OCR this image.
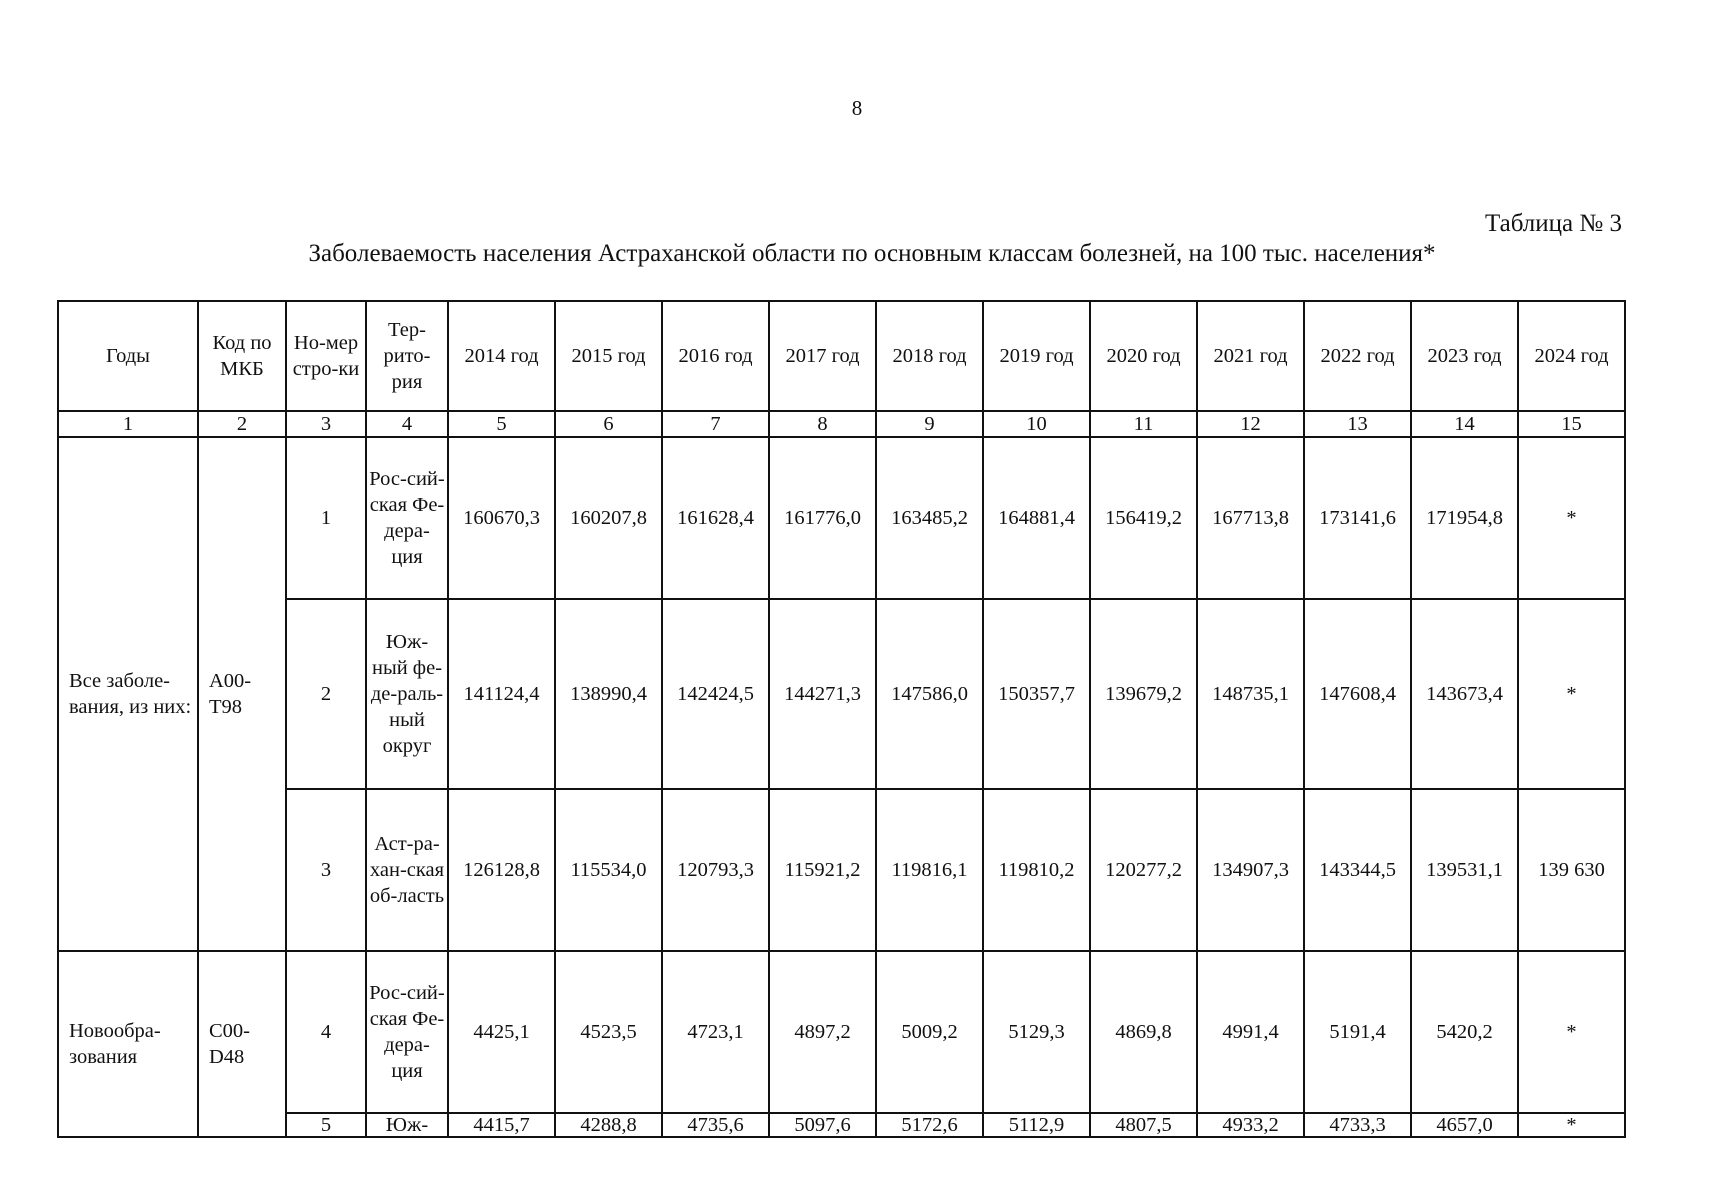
8
Таблица № 3
Заболеваемость населения Астраханской области по основным классам болезней, на 100 тыс. населения*
Годы	Код по МКБ	Но-мер стро-ки	Тер-рито-рия	2014 год	2015 год	2016 год	2017 год	2018 год	2019 год	2020 год	2021 год	2022 год	2023 год	2024 год
1	2	3	4	5	6	7	8	9	10	11	12	13	14	15
Все заболе-вания, из них:	А00-Т98	1	Рос-сий-ская Фе-дера-ция	160670,3	160207,8	161628,4	161776,0	163485,2	164881,4	156419,2	167713,8	173141,6	171954,8	*
		2	Юж-ный фе-де-раль-ный округ	141124,4	138990,4	142424,5	144271,3	147586,0	150357,7	139679,2	148735,1	147608,4	143673,4	*
		3	Аст-ра-хан-ская об-ласть	126128,8	115534,0	120793,3	115921,2	119816,1	119810,2	120277,2	134907,3	143344,5	139531,1	139 630
Новообра-зования	С00-D48	4	Рос-сий-ская Фе-дера-ция	4425,1	4523,5	4723,1	4897,2	5009,2	5129,3	4869,8	4991,4	5191,4	5420,2	*
		5	Юж-	4415,7	4288,8	4735,6	5097,6	5172,6	5112,9	4807,5	4933,2	4733,3	4657,0	*
